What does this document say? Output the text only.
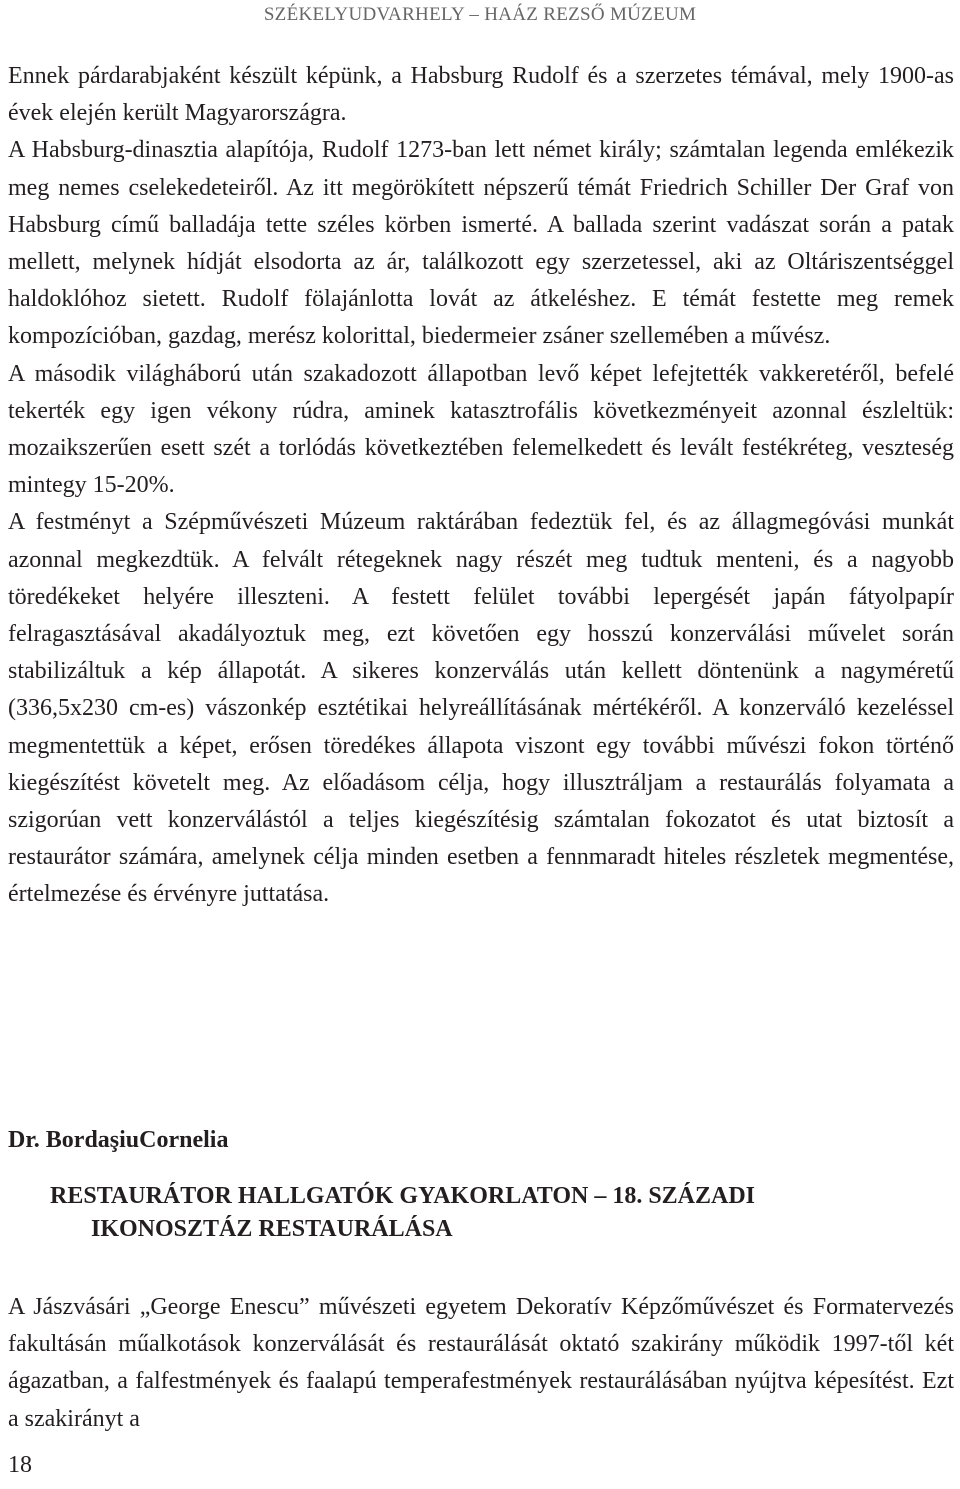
SZÉKELYUDVARHELY – HAÁZ REZSŐ MÚZEUM

Ennek párdarabjaként készült képünk, a Habsburg Rudolf és a szerzetes témával, mely 1900-as évek elején került Magyarországra.

A Habsburg-dinasztia alapítója, Rudolf 1273-ban lett német király; számtalan legenda emlékezik meg nemes cselekedeteiről. Az itt megörökített népszerű témát Friedrich Schiller Der Graf von Habsburg című balladája tette széles körben ismerté. A ballada szerint vadászat során a patak mellett, melynek hídját elsodorta az ár, találkozott egy szerzetessel, aki az Oltáriszentséggel haldoklóhoz sietett. Rudolf fölajánlotta lovát az átkeléshez. E témát festette meg remek kompozícióban, gazdag, merész kolorittal, biedermeier zsáner szellemében a művész.

A második világháború után szakadozott állapotban levő képet lefejtették vakkeretéről, befelé tekerték egy igen vékony rúdra, aminek katasztrofális következményeit azonnal észleltük: mozaikszerűen esett szét a torlódás következtében felemelkedett és levált festékréteg, veszteség mintegy 15-20%.

A festményt a Szépművészeti Múzeum raktárában fedeztük fel, és az állagmegóvási munkát azonnal megkezdtük. A felvált rétegeknek nagy részét meg tudtuk menteni, és a nagyobb töredékeket helyére illeszteni. A festett felület további lepergését japán fátyolpapír felragasztásával akadályoztuk meg, ezt követően egy hosszú konzerválási művelet során stabilizáltuk a kép állapotát. A sikeres konzerválás után kellett döntenünk a nagyméretű (336,5x230 cm-es) vászonkép esztétikai helyreállításának mértékéről. A konzerváló kezeléssel megmentettük a képet, erősen töredékes állapota viszont egy további művészi fokon történő kiegészítést követelt meg. Az előadásom célja, hogy illusztráljam a restaurálás folyamata a szigorúan vett konzerválástól a teljes kiegészítésig számtalan fokozatot és utat biztosít a restaurátor számára, amelynek célja minden esetben a fennmaradt hiteles részletek megmentése, értelmezése és érvényre juttatása.

Dr. BordaşiuCornelia
RESTAURÁTOR HALLGATÓK GYAKORLATON – 18. SZÁZADI
IKONOSZTÁZ RESTAURÁLÁSA

A Jászvásári „George Enescu” művészeti egyetem Dekoratív Képzőművészet és Formatervezés fakultásán műalkotások konzerválását és restaurálását oktató szakirány működik 1997-től két ágazatban, a falfestmények és faalapú temperafestmények restaurálásában nyújtva képesítést. Ezt a szakirányt a

18
